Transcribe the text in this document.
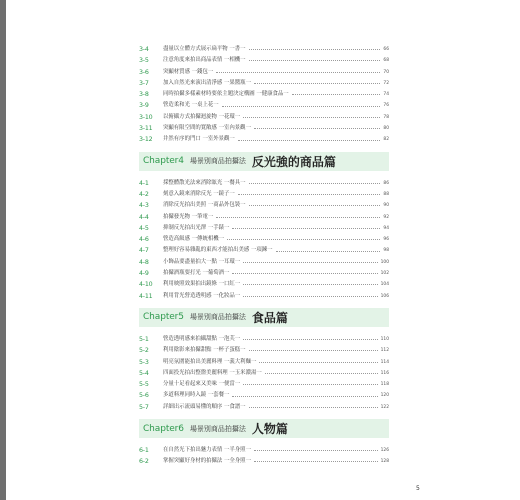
3-4	盡量以立體方式展示扁平物 一書一	66
3-5	注意角度來拍出商品表情 一相機一	68
3-6	突顯材質感 一錢包一	70
3-7	加入自然光來演出清淨感 一果醬瓶一	72
3-8	同時拍攝多樣素材時要依主題決定構圖 一健康食品一	74
3-9	營造柔和光 一桌上花一	76
3-10	以俯攝方式拍攝迴旋物 一花環一	78
3-11	突顯有限空間的寬敞感 一室內景觀一	80
3-12	井然有序的門口 一室外景觀一	82
Chapter4 場景別商品拍攝法 反光強的商品篇
4-1	採整體散光法來消除眩光 一餐具一	86
4-2	刻意入鏡來消除反光 一鏡子一	88
4-3	消除反光拍出美照 一商品外包裝一	90
4-4	拍攝發光物 一筆電一	92
4-5	抑制反光拍出光澤 一手錶一	94
4-6	營造高級感 一傳統相機一	96
4-7	整理好容易雜亂的東西才能拍出美感 一項鍊一	98
4-8	小飾品要盡量拍大一點 一耳環一	100
4-9	拍攝酒瓶要打光 一葡萄酒一	102
4-10	利用映照效果拍出鏡條 一口紅一	104
4-11	利用背光營造透明感 一化妝品一	106
Chapter5 場景別商品拍攝法 食品篇
5-1	營造透明感來拍攝甜點 一泡芙一	110
5-2	利用陰影來拍攝甜點 一杯子蛋糕一	112
5-3	明亮氛圍能拍出美麗料理 一義大利麵一	114
5-4	四面投光拍出整盤美麗料理 一玉米濃湯一	116
5-5	分量十足看起來又美味 一便當一	118
5-6	多道料理同時入鏡 一套餐一	120
5-7	詳細出示流頭易懂的順序 一食譜一	122
Chapter6 場景別商品拍攝法 人物篇
6-1	在自然光下拍出魅力表情 一半身照一	126
6-2	掌握突顯好身材的拍攝法 一全身照一	128
5
